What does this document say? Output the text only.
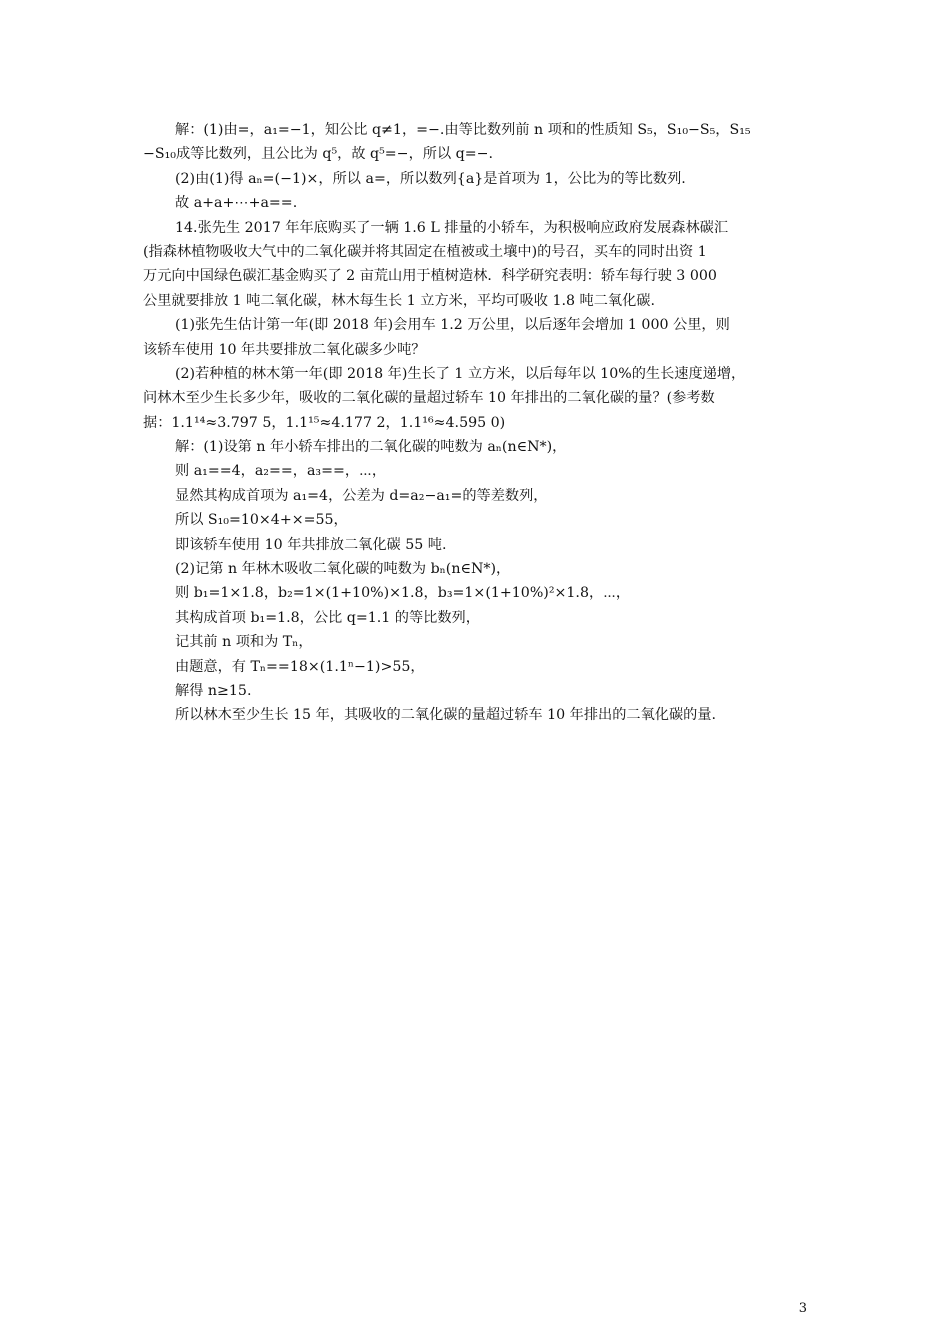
解：(1)由=，a₁=−1，知公比 q≠1，=−.由等比数列前 n 项和的性质知 S₅，S₁₀−S₅，S₁₅
−S₁₀成等比数列，且公比为 q⁵，故 q⁵=−，所以 q=−.
(2)由(1)得 aₙ=(−1)×，所以 a=，所以数列{a}是首项为 1，公比为的等比数列.
故 a+a+⋯+a==.
14.张先生 2017 年年底购买了一辆 1.6 L 排量的小轿车，为积极响应政府发展森林碳汇
(指森林植物吸收大气中的二氧化碳并将其固定在植被或土壤中)的号召，买车的同时出资 1
万元向中国绿色碳汇基金购买了 2 亩荒山用于植树造林．科学研究表明：轿车每行驶 3 000
公里就要排放 1 吨二氧化碳，林木每生长 1 立方米，平均可吸收 1.8 吨二氧化碳.
(1)张先生估计第一年(即 2018 年)会用车 1.2 万公里，以后逐年会增加 1 000 公里，则
该轿车使用 10 年共要排放二氧化碳多少吨？
(2)若种植的林木第一年(即 2018 年)生长了 1 立方米，以后每年以 10%的生长速度递增，
问林木至少生长多少年，吸收的二氧化碳的量超过轿车 10 年排出的二氧化碳的量？(参考数
据：1.1¹⁴≈3.797 5，1.1¹⁵≈4.177 2，1.1¹⁶≈4.595 0)
解：(1)设第 n 年小轿车排出的二氧化碳的吨数为 aₙ(n∈N*)，
则 a₁==4，a₂==，a₃==，⋯，
显然其构成首项为 a₁=4，公差为 d=a₂−a₁=的等差数列，
所以 S₁₀=10×4+×=55，
即该轿车使用 10 年共排放二氧化碳 55 吨.
(2)记第 n 年林木吸收二氧化碳的吨数为 bₙ(n∈N*)，
则 b₁=1×1.8，b₂=1×(1+10%)×1.8，b₃=1×(1+10%)²×1.8，⋯，
其构成首项 b₁=1.8，公比 q=1.1 的等比数列，
记其前 n 项和为 Tₙ，
由题意，有 Tₙ==18×(1.1ⁿ−1)>55，
解得 n≥15.
所以林木至少生长 15 年，其吸收的二氧化碳的量超过轿车 10 年排出的二氧化碳的量.
3
